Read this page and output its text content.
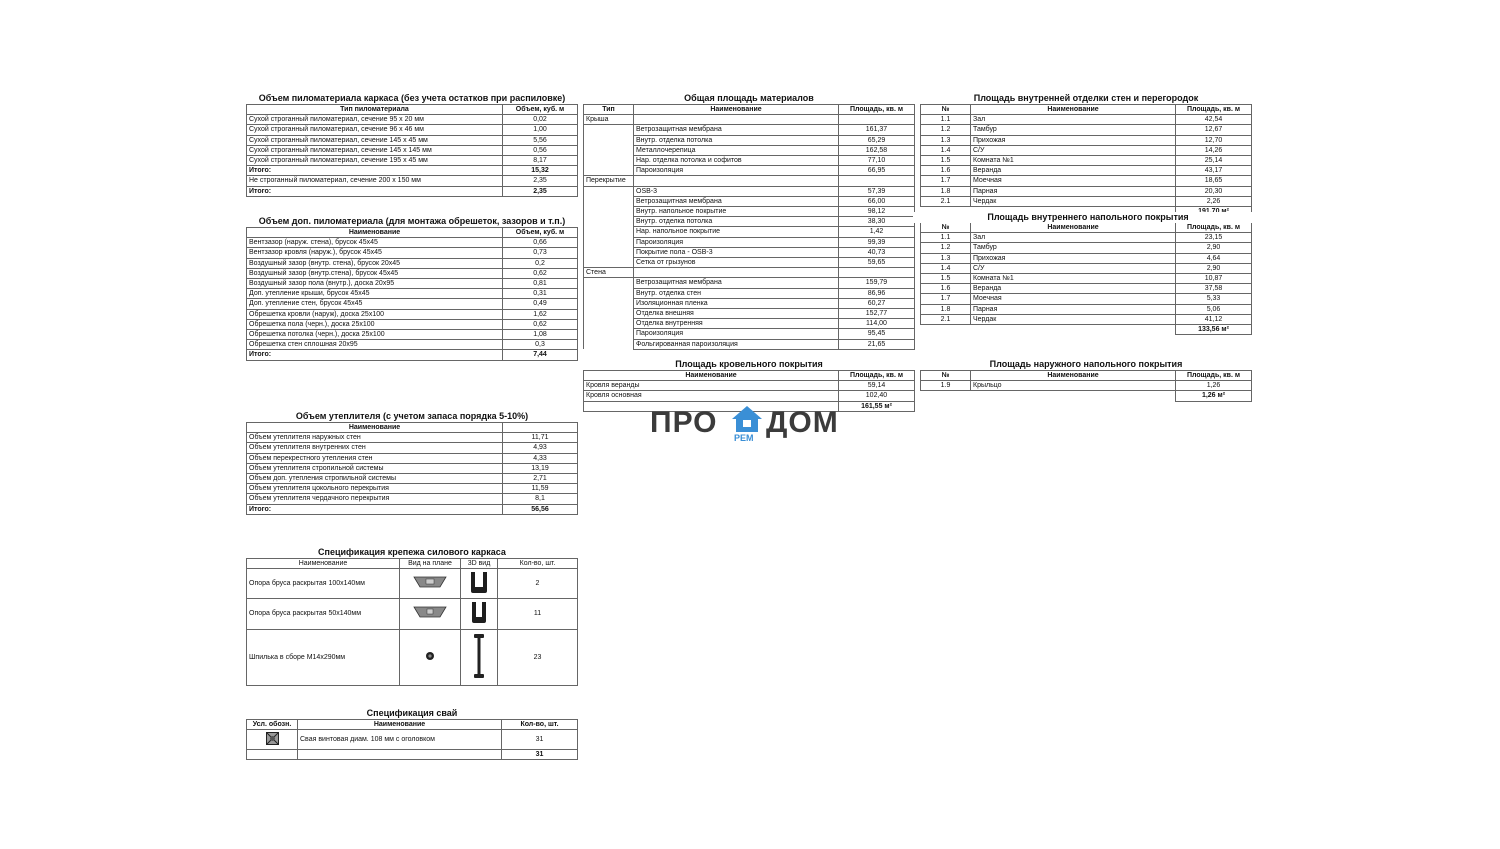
Объем пиломатериала каркаса (без учета остатков при распиловке)
Тип пиломатериала	Объем, куб. м
Сухой строганный пиломатериал, сечение 95 х 20 мм	0,02
Сухой строганный пиломатериал, сечение 96 х 46 мм	1,00
Сухой строганный пиломатериал, сечение 145 х 45 мм	5,56
Сухой строганный пиломатериал, сечение 145 х 145 мм	0,56
Сухой строганный пиломатериал, сечение 195 х 45 мм	8,17
Итого:	15,32
Не строганный пиломатериал, сечение 200 х 150 мм	2,35
Итого:	2,35
Объем доп. пиломатериала (для монтажа обрешеток, зазоров и т.п.)
Наименование	Объем, куб. м
Вентзазор (наруж. стена), брусок 45х45	0,66
Вентзазор кровля (наруж.), брусок 45х45	0,73
Воздушный зазор (внутр. стена), брусок 20х45	0,2
Воздушный зазор (внутр.стена), брусок 45х45	0,62
Воздушный зазор пола (внутр.), доска 20х95	0,81
Доп. утепление крыши, брусок 45х45	0,31
Доп. утепление стен, брусок 45х45	0,49
Обрешетка кровли (наруж), доска 25х100	1,62
Обрешетка пола (черн.), доска 25х100	0,62
Обрешетка потолка (черн.), доска 25х100	1,08
Обрешетка стен сплошная 20х95	0,3
Итого:	7,44
Объем утеплителя (с учетом запаса порядка 5-10%)
Наименование	
Объем утеплителя наружных стен	11,71
Объем утеплителя внутренних стен	4,93
Объем перекрестного утепления стен	4,33
Объем утеплителя стропильной системы	13,19
Объем доп. утепления стропильной системы	2,71
Объем утеплителя цокольного перекрытия	11,59
Объем утеплителя чердачного перекрытия	8,1
Итого:	56,56
Спецификация крепежа силового каркаса
Наименование	Вид на плане	3D вид	Кол-во, шт.
Опора бруса раскрытая 100х140мм			2
Опора бруса раскрытая 50х140мм			11
Шпилька в сборе М14х290мм			23
Спецификация свай
Усл. обозн.	Наименование	Кол-во, шт.
	Свая винтовая диам. 108 мм с оголовком	31
		31
Общая площадь материалов
Тип	Наименование	Площадь, кв. м
Крыша		
	Ветрозащитная мембрана	161,37
	Внутр. отделка потолка	65,29
	Металлочерепица	162,58
	Нар. отделка потолка и софитов	77,10
	Пароизоляция	66,95
Перекрытие		
	OSB-3	57,39
	Ветрозащитная мембрана	66,00
	Внутр. напольное покрытие	98,12
	Внутр. отделка потолка	38,30
	Нар. напольное покрытие	1,42
	Пароизоляция	99,39
	Покрытие пола - OSB-3	40,73
	Сетка от грызунов	59,65
Стена		
	Ветрозащитная мембрана	159,79
	Внутр. отделка стен	86,96
	Изоляционная пленка	60,27
	Отделка внешняя	152,77
	Отделка внутренняя	114,00
	Пароизоляция	95,45
	Фольгированная пароизоляция	21,65
Площадь кровельного покрытия
Наименование	Площадь, кв. м
Кровля веранды	59,14
Кровля основная	102,40
	161,55 м²
Площадь внутренней отделки стен и перегородок
№	Наименование	Площадь, кв. м
1.1	Зал	42,54
1.2	Тамбур	12,67
1.3	Прихожая	12,70
1.4	С/У	14,26
1.5	Комната №1	25,14
1.6	Веранда	43,17
1.7	Моечная	18,65
1.8	Парная	20,30
2.1	Чердак	2,26

№	Наименование	Площадь, кв. м
1.1	Зал	23,15
1.2	Тамбур	2,90
1.3	Прихожая	4,64
1.4	С/У	2,90
1.5	Комната №1	10,87
1.6	Веранда	37,58
1.7	Моечная	5,33
1.8	Парная	5,06
2.1	Чердак	41,12
		133,56 м²
Площадь внутреннего напольного покрытия
Площадь наружного напольного покрытия
№	Наименование	Площадь, кв. м
1.9	Крыльцо	1,26
		1,26 м²
ПРО РЕМ ДОМ
